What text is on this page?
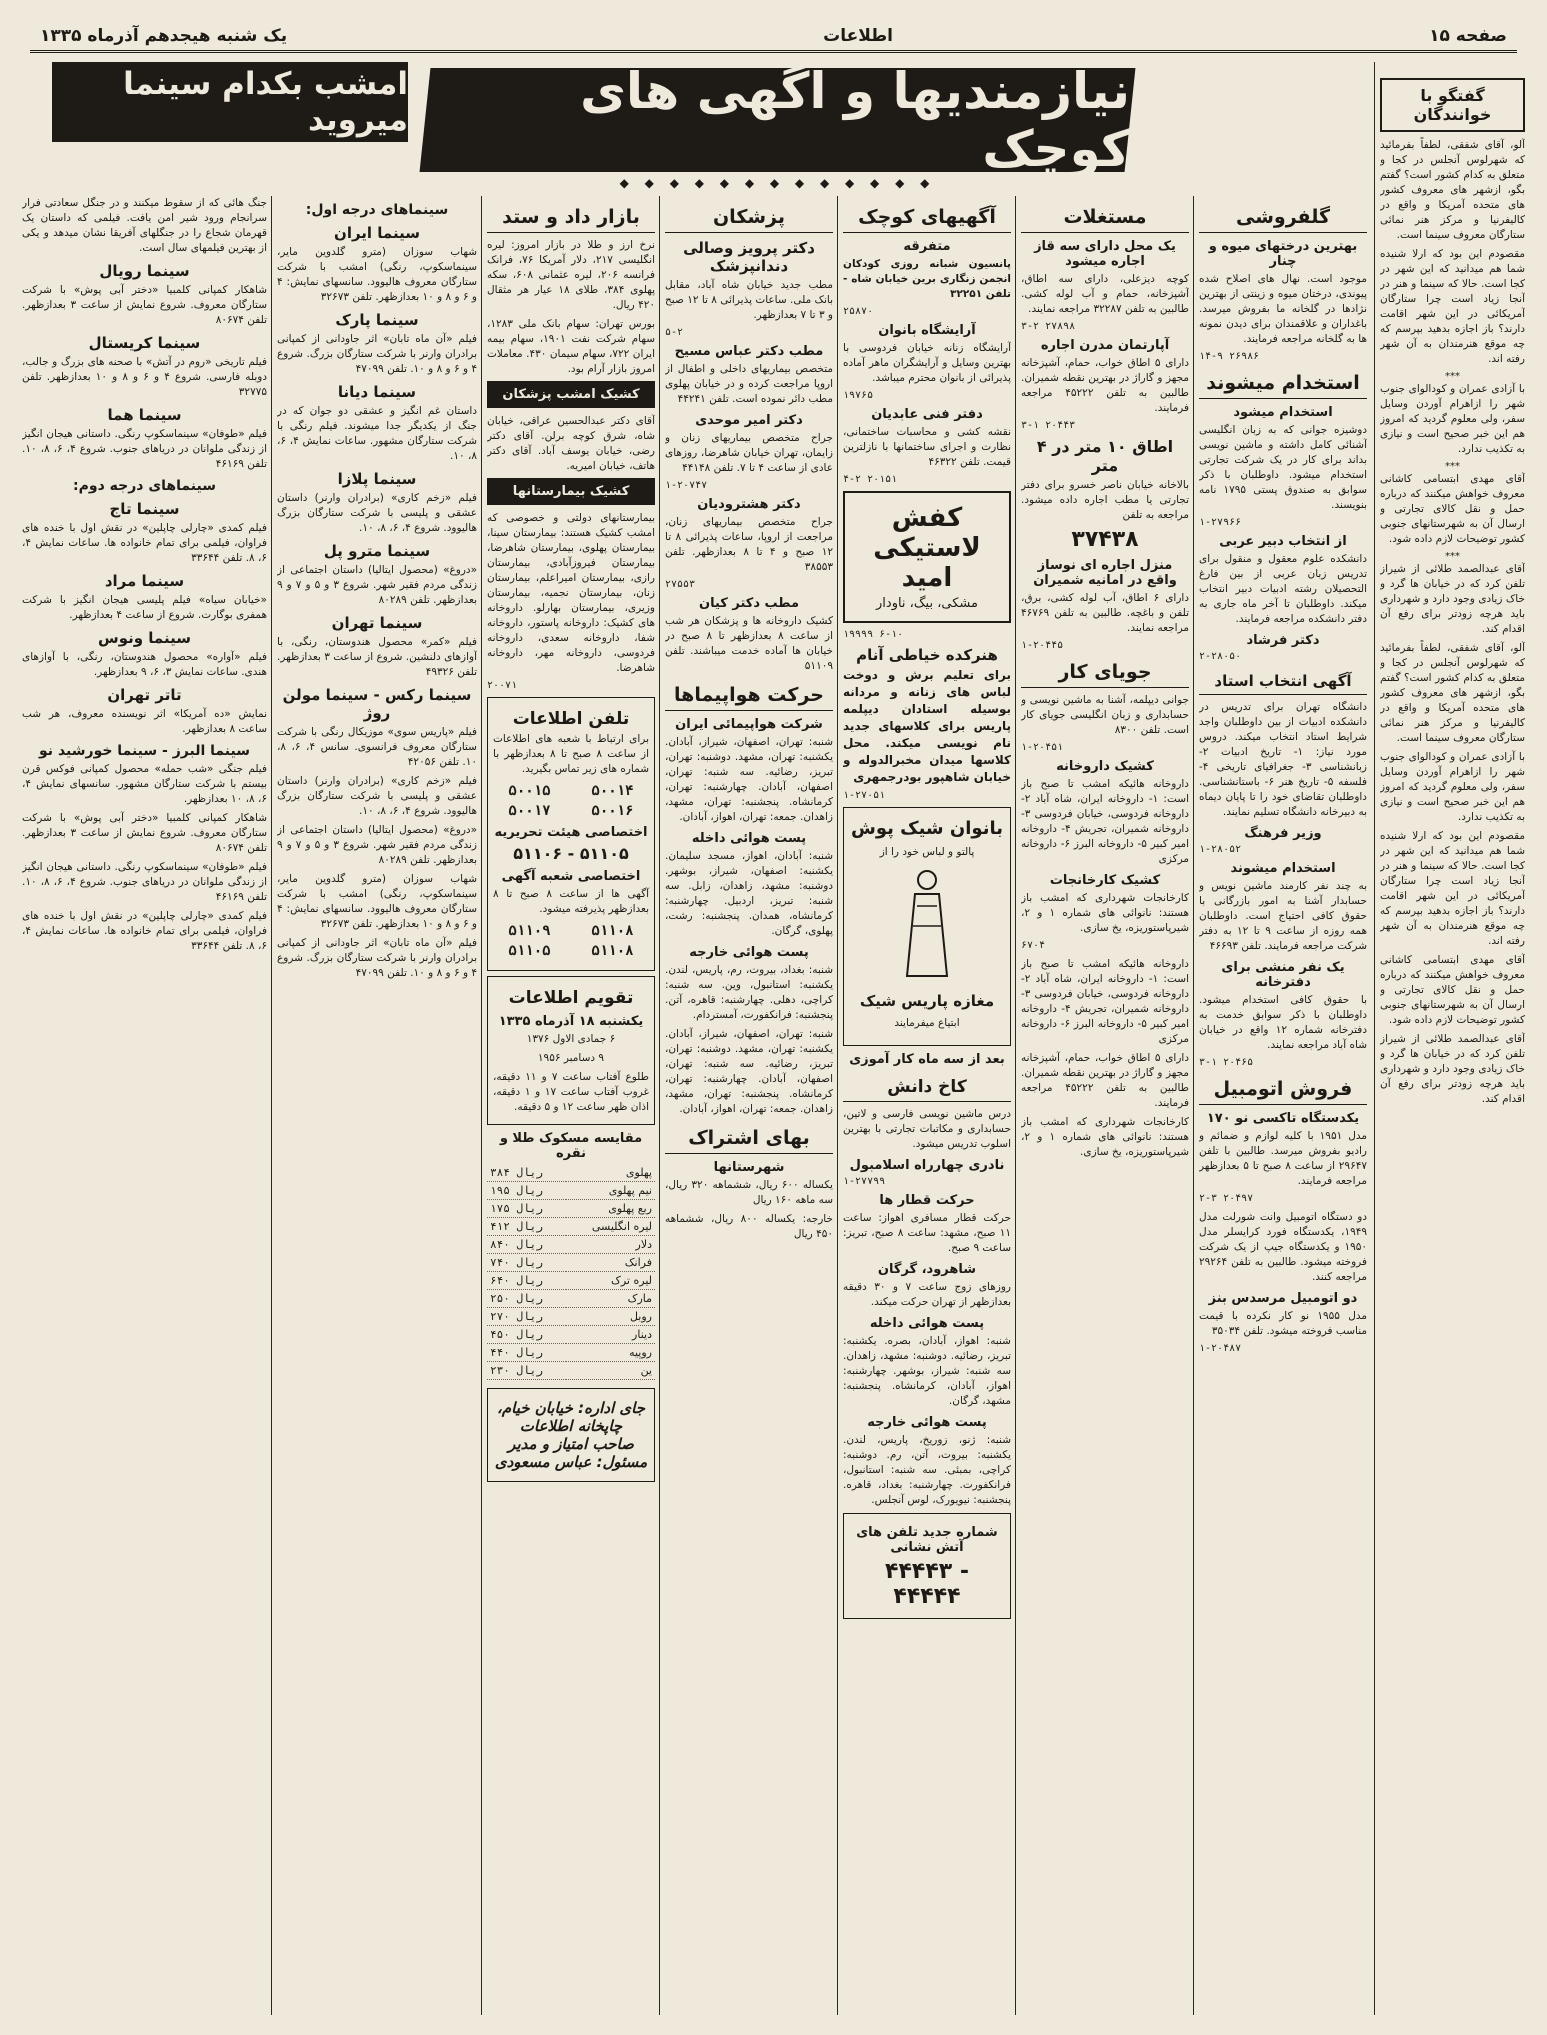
صفحه ۱۵
اطلاعات
یک شنبه هیجدهم آذرماه ۱۳۳۵
نیازمندیها و آگهی های کوچک
◆ ◆ ◆ ◆ ◆ ◆ ◆ ◆ ◆ ◆ ◆ ◆ ◆
امشب بکدام سینما میروید
گفتگو با خوانندگان

آلو، آقای شفقی، لطفاً بفرمائید که شهرلوس آنجلس در کجا و متعلق به کدام کشور است؟ گفتم بگو، ازشهر های معروف کشور های متحده آمریکا و واقع در کالیفرنیا و مرکز هنر نمائی ستارگان معروف سینما است.

مقصودم این بود که ارلا شنیده شما هم میدانید که این شهر در کجا است. حالا که سینما و هنر در آنجا زیاد است چرا ستارگان آمریکائی در این شهر اقامت دارند؟ باز اجازه بدهید بپرسم که چه موقع هنرمندان به آن شهر رفته اند.

***

با آزادی عمران و کودالوای جنوب شهر را ازاهرام آوردن وسایل سفر، ولی معلوم گردید که امروز هم این خبر صحیح است و نیازی به تکذیب ندارد.

***

آقای مهدی ابتسامی کاشانی معروف خواهش میکنند که درباره حمل و نقل کالای تجارتی و ارسال آن به شهرستانهای جنوبی کشور توضیحات لازم داده شود.

***

آقای عبدالصمد طلائی از شیراز تلفن کرد که در خیابان ها گرد و خاک زیادی وجود دارد و شهرداری باید هرچه زودتر برای رفع آن اقدام کند.

آلو، آقای شفقی، لطفاً بفرمائید که شهرلوس آنجلس در کجا و متعلق به کدام کشور است؟ گفتم بگو، ازشهر های معروف کشور های متحده آمریکا و واقع در کالیفرنیا و مرکز هنر نمائی ستارگان معروف سینما است.

با آزادی عمران و کودالوای جنوب شهر را ازاهرام آوردن وسایل سفر، ولی معلوم گردید که امروز هم این خبر صحیح است و نیازی به تکذیب ندارد.

مقصودم این بود که ارلا شنیده شما هم میدانید که این شهر در کجا است. حالا که سینما و هنر در آنجا زیاد است چرا ستارگان آمریکائی در این شهر اقامت دارند؟ باز اجازه بدهید بپرسم که چه موقع هنرمندان به آن شهر رفته اند.

آقای مهدی ابتسامی کاشانی معروف خواهش میکنند که درباره حمل و نقل کالای تجارتی و ارسال آن به شهرستانهای جنوبی کشور توضیحات لازم داده شود.

آقای عبدالصمد طلائی از شیراز تلفن کرد که در خیابان ها گرد و خاک زیادی وجود دارد و شهرداری باید هرچه زودتر برای رفع آن اقدام کند.

گلفروشی
بهترین درختهای میوه و چنار

موجود است. نهال های اصلاح شده پیوندی، درختان میوه و زینتی از بهترین نژادها در گلخانه ما بفروش میرسد. باغداران و علاقمندان برای دیدن نمونه ها به گلخانه مراجعه فرمایند.

۱۴-۹ ۲۶۹۸۶

استخدام میشوند
استخدام میشود

دوشیزه جوانی که به زبان انگلیسی آشنائی کامل داشته و ماشین نویسی بداند برای کار در یک شرکت تجارتی استخدام میشود. داوطلبان با ذکر سوابق به صندوق پستی ۱۷۹۵ نامه بنویسند.

۱-۲۷۹۶۶

از انتخاب دبیر عربی

دانشکده علوم معقول و منقول برای تدریس زبان عربی از بین فارغ التحصیلان رشته ادبیات دبیر انتخاب میکند. داوطلبان تا آخر ماه جاری به دفتر دانشکده مراجعه فرمایند.

دکتر فرشاد

۲-۲۸۰۵۰

آگهی انتخاب استاد

دانشگاه تهران برای تدریس در دانشکده ادبیات از بین داوطلبان واجد شرایط استاد انتخاب میکند. دروس مورد نیاز: ۱- تاریخ ادبیات ۲- زبانشناسی ۳- جغرافیای تاریخی ۴- فلسفه ۵- تاریخ هنر ۶- باستانشناسی. داوطلبان تقاضای خود را تا پایان دیماه به دبیرخانه دانشگاه تسلیم نمایند.

وزیر فرهنگ

۱-۲۸۰۵۲

استخدام میشوند

به چند نفر کارمند ماشین نویس و حسابدار آشنا به امور بازرگانی با حقوق کافی احتیاج است. داوطلبان همه روزه از ساعت ۹ تا ۱۲ به دفتر شرکت مراجعه فرمایند. تلفن ۴۶۶۹۳

یک نفر منشی برای دفترخانه

با حقوق کافی استخدام میشود. داوطلبان با ذکر سوابق خدمت به دفترخانه شماره ۱۲ واقع در خیابان شاه آباد مراجعه نمایند.

۳-۱ ۲۰۴۶۵

فروش اتومبیل
یکدستگاه تاکسی نو ۱۷۰

مدل ۱۹۵۱ با کلیه لوازم و ضمائم و رادیو بفروش میرسد. طالبین با تلفن ۲۹۶۴۷ از ساعت ۸ صبح تا ۵ بعدازظهر مراجعه فرمایند.

۲-۳ ۲۰۴۹۷

دو دستگاه اتومبیل وانت شورلت مدل ۱۹۴۹، یکدستگاه فورد کرایسلر مدل ۱۹۵۰ و یکدستگاه جیپ از یک شرکت فروخته میشود. طالبین به تلفن ۲۹۲۶۴ مراجعه کنند.

دو اتومبیل مرسدس بنز

مدل ۱۹۵۵ نو کار نکرده با قیمت مناسب فروخته میشود. تلفن ۳۵۰۳۴

۱-۲۰۴۸۷

مستغلات
یک محل دارای سه قاز اجاره میشود

کوچه دیزعلی، دارای سه اطاق، آشپزخانه، حمام و آب لوله کشی. طالبین به تلفن ۳۲۲۸۷ مراجعه نمایند.

۳-۲ ۲۷۸۹۸

آپارتمان مدرن اجاره

دارای ۵ اطاق خواب، حمام، آشپزخانه مجهز و گاراژ در بهترین نقطه شمیران. طالبین به تلفن ۴۵۲۲۲ مراجعه فرمایند.

۳-۱ ۲۰۴۴۳

اطاق ۱۰ متر در ۴ متر

بالاخانه خیابان ناصر خسرو برای دفتر تجارتی یا مطب اجاره داده میشود. مراجعه به تلفن

۳۷۴۳۸
منزل اجاره ای نوساز واقع در امانیه شمیران

دارای ۶ اطاق، آب لوله کشی، برق، تلفن و باغچه. طالبین به تلفن ۴۶۷۶۹ مراجعه نمایند.

۱-۲۰۴۴۵

جویای کار

جوانی دیپلمه، آشنا به ماشین نویسی و حسابداری و زبان انگلیسی جویای کار است. تلفن ۸۳۰۰

۱-۲۰۴۵۱

کشیک داروخانه

داروخانه هائیکه امشب تا صبح باز است: ۱- داروخانه ایران، شاه آباد ۲- داروخانه فردوسی، خیابان فردوسی ۳- داروخانه شمیران، تجریش ۴- داروخانه امیر کبیر ۵- داروخانه البرز ۶- داروخانه مرکزی

کشیک کارخانجات

کارخانجات شهرداری که امشب باز هستند: نانوائی های شماره ۱ و ۲، شیرپاستوریزه، یخ سازی.

۶۷۰۴

داروخانه هائیکه امشب تا صبح باز است: ۱- داروخانه ایران، شاه آباد ۲- داروخانه فردوسی، خیابان فردوسی ۳- داروخانه شمیران، تجریش ۴- داروخانه امیر کبیر ۵- داروخانه البرز ۶- داروخانه مرکزی

دارای ۵ اطاق خواب، حمام، آشپزخانه مجهز و گاراژ در بهترین نقطه شمیران. طالبین به تلفن ۴۵۲۲۲ مراجعه فرمایند.

کارخانجات شهرداری که امشب باز هستند: نانوائی های شماره ۱ و ۲، شیرپاستوریزه، یخ سازی.

آگهیهای کوچک
متفرقه

پانسیون شبانه روزی کودکان انجمن زنگاری برین خیابان شاه - تلفن ۳۲۲۵۱

۲۵۸۷۰

آرایشگاه بانوان

آرایشگاه زنانه خیابان فردوسی با بهترین وسایل و آرایشگران ماهر آماده پذیرائی از بانوان محترم میباشد.

۱۹۷۶۵

دفتر فنی عابدیان

نقشه کشی و محاسبات ساختمانی، نظارت و اجرای ساختمانها با نازلترین قیمت. تلفن ۴۶۳۲۲

۴-۲ ۲۰۱۵۱

کفش لاستیکی امید
مشکی، بیگ، ناودار

۱۹۹۹۹ ۶-۱۰

هنرکده خیاطی آنام

برای تعلیم برش و دوخت لباس های زنانه و مردانه بوسیله استادان دیپلمه پاریس برای کلاسهای جدید نام نویسی میکند. محل کلاسها میدان مخبرالدوله و خیابان شاهپور بودرجمهری

۱-۲۷۰۵۱

بانوان شیک پوش
پالتو و لباس خود را از
مغازه پاریس شیک
ابتیاع میفرمایند
بعد از سه ماه کار آموزی
کاخ دانش

درس ماشین نویسی فارسی و لاتین، حسابداری و مکاتبات تجارتی با بهترین اسلوب تدریس میشود.

نادری چهارراه اسلامبول

۱-۲۷۷۹۹

حرکت قطار ها

حرکت قطار مسافری اهواز: ساعت ۱۱ صبح، مشهد: ساعت ۸ صبح، تبریز: ساعت ۹ صبح.

شاهرود، گرگان

روزهای زوج ساعت ۷ و ۳۰ دقیقه بعدازظهر از تهران حرکت میکند.

پست هوائی داخله

شنبه: اهواز، آبادان، بصره. یکشنبه: تبریز، رضائیه. دوشنبه: مشهد، زاهدان. سه شنبه: شیراز، بوشهر. چهارشنبه: اهواز، آبادان، کرمانشاه. پنجشنبه: مشهد، گرگان.

پست هوائی خارجه

شنبه: ژنو، زوریخ، پاریس، لندن. یکشنبه: بیروت، آتن، رم. دوشنبه: کراچی، بمبئی. سه شنبه: استانبول، فرانکفورت. چهارشنبه: بغداد، قاهره. پنجشنبه: نیویورک، لوس آنجلس.

شماره جدید تلفن های آتش نشانی
۴۴۴۴۳ - ۴۴۴۴۴
پزشکان
دکتر پرویز وصالی دندانپزشک

مطب جدید خیابان شاه آباد، مقابل بانک ملی. ساعات پذیرائی ۸ تا ۱۲ صبح و ۳ تا ۷ بعدازظهر.

۵-۲

مطب دکتر عباس مسیح

متخصص بیماریهای داخلی و اطفال از اروپا مراجعت کرده و در خیابان پهلوی مطب دائر نموده است. تلفن ۴۴۲۴۱

دکتر امیر موحدی

جراح متخصص بیماریهای زنان و زایمان، تهران خیابان شاهرضا، روزهای عادی از ساعت ۴ تا ۷. تلفن ۴۴۱۴۸

۱-۲۰۷۴۷

دکتر هشترودیان

جراح متخصص بیماریهای زنان، مراجعت از اروپا، ساعات پذیرائی ۸ تا ۱۲ صبح و ۴ تا ۸ بعدازظهر. تلفن ۳۸۵۵۳

۲۷۵۵۳

مطب دکتر کیان

کشیک داروخانه ها و پزشکان هر شب از ساعت ۸ بعدازظهر تا ۸ صبح در خیابان ها آماده خدمت میباشند. تلفن ۵۱۱۰۹

حرکت هواپیماها
شرکت هواپیمائی ایران

شنبه: تهران، اصفهان، شیراز، آبادان. یکشنبه: تهران، مشهد. دوشنبه: تهران، تبریز، رضائیه. سه شنبه: تهران، اصفهان، آبادان. چهارشنبه: تهران، کرمانشاه. پنجشنبه: تهران، مشهد، زاهدان. جمعه: تهران، اهواز، آبادان.

پست هوائی داخله

شنبه: آبادان، اهواز، مسجد سلیمان. یکشنبه: اصفهان، شیراز، بوشهر. دوشنبه: مشهد، زاهدان، زابل. سه شنبه: تبریز، اردبیل. چهارشنبه: کرمانشاه، همدان. پنجشنبه: رشت، پهلوی، گرگان.

پست هوائی خارجه

شنبه: بغداد، بیروت، رم، پاریس، لندن. یکشنبه: استانبول، وین. سه شنبه: کراچی، دهلی. چهارشنبه: قاهره، آتن. پنجشنبه: فرانکفورت، آمستردام.

شنبه: تهران، اصفهان، شیراز، آبادان. یکشنبه: تهران، مشهد. دوشنبه: تهران، تبریز، رضائیه. سه شنبه: تهران، اصفهان، آبادان. چهارشنبه: تهران، کرمانشاه. پنجشنبه: تهران، مشهد، زاهدان. جمعه: تهران، اهواز، آبادان.

بهای اشتراک
شهرستانها

یکساله ۶۰۰ ریال، ششماهه ۳۲۰ ریال، سه ماهه ۱۶۰ ریال

خارجه: یکساله ۸۰۰ ریال، ششماهه ۴۵۰ ریال

بازار داد و ستد

نرخ ارز و طلا در بازار امروز: لیره انگلیسی ۲۱۷، دلار آمریکا ۷۶، فرانک فرانسه ۲۰۶، لیره عثمانی ۶۰۸، سکه پهلوی ۳۸۴، طلای ۱۸ عیار هر مثقال ۴۲۰ ریال.

بورس تهران: سهام بانک ملی ۱۲۸۳، سهام شرکت نفت ۱۹۰۱، سهام بیمه ایران ۷۲۲، سهام سیمان ۴۳۰. معاملات امروز بازار آرام بود.

کشیک امشب پزشکان

آقای دکتر عبدالحسین عراقی، خیابان شاه، شرق کوچه برلن. آقای دکتر رضی، خیابان یوسف آباد. آقای دکتر هاتف، خیابان امیریه.

کشیک بیمارستانها

بیمارستانهای دولتی و خصوصی که امشب کشیک هستند: بیمارستان سینا، بیمارستان پهلوی، بیمارستان شاهرضا، بیمارستان فیروزآبادی، بیمارستان رازی، بیمارستان امیراعلم، بیمارستان زنان، بیمارستان نجمیه، بیمارستان وزیری، بیمارستان بهارلو. داروخانه های کشیک: داروخانه پاستور، داروخانه شفا، داروخانه سعدی، داروخانه فردوسی، داروخانه مهر، داروخانه شاهرضا.

۲۰۰۷۱

تلفن اطلاعات

برای ارتباط با شعبه های اطلاعات از ساعت ۸ صبح تا ۸ بعدازظهر با شماره های زیر تماس بگیرید.

۵۰۰۱۵	۵۰۰۱۴
۵۰۰۱۷	۵۰۰۱۶
اختصاصی هیئت تحریریه
۵۱۱۰۶ - ۵۱۱۰۵
اختصاصی شعبه آگهی

آگهی ها از ساعت ۸ صبح تا ۸ بعدازظهر پذیرفته میشود.

۵۱۱۰۹	۵۱۱۰۸
۵۱۱۰۵	۵۱۱۰۸
تقویم اطلاعات
یکشنبه ۱۸ آذرماه ۱۳۳۵
۶ جمادی الاول ۱۳۷۶
۹ دسامبر ۱۹۵۶

طلوع آفتاب ساعت ۷ و ۱۱ دقیقه، غروب آفتاب ساعت ۱۷ و ۱ دقیقه، اذان ظهر ساعت ۱۲ و ۵ دقیقه.

مقایسه مسکوک طلا و نقره
پهلوی	۳۸۴ ریال
نیم پهلوی	۱۹۵ ریال
ربع پهلوی	۱۷۵ ریال
لیره انگلیسی	۴۱۲ ریال
دلار	۸۴۰ ریال
فرانک	۷۴۰ ریال
لیره ترک	۶۴۰ ریال
مارک	۲۵۰ ریال
روبل	۲۷۰ ریال
دینار	۴۵۰ ریال
روپیه	۴۴۰ ریال
ین	۲۳۰ ریال
جای اداره: خیابان خیام، چاپخانه اطلاعات
صاحب امتیاز و مدیر مسئول: عباس مسعودی
سینماهای درجه اول:
سینما ایران

شهاب سوزان (مترو گلدوین مایر، سینماسکوپ، رنگی) امشب با شرکت ستارگان معروف هالیوود. سانسهای نمایش: ۴ و ۶ و ۸ و ۱۰ بعدازظهر. تلفن ۳۲۶۷۳

سینما پارک

فیلم «آن ماه تابان» اثر جاودانی از کمپانی برادران وارنر با شرکت ستارگان بزرگ. شروع ۴ و ۶ و ۸ و ۱۰. تلفن ۴۷۰۹۹

سینما دیانا

داستان غم انگیز و عشقی دو جوان که در جنگ از یکدیگر جدا میشوند. فیلم رنگی با شرکت ستارگان مشهور. ساعات نمایش ۴، ۶، ۸، ۱۰.

سینما پلازا

فیلم «زخم کاری» (برادران وارنر) داستان عشقی و پلیسی با شرکت ستارگان بزرگ هالیوود. شروع ۴، ۶، ۸، ۱۰.

سینما مترو پل

«دروغ» (محصول ایتالیا) داستان اجتماعی از زندگی مردم فقیر شهر. شروع ۳ و ۵ و ۷ و ۹ بعدازظهر. تلفن ۸۰۲۸۹

سینما تهران

فیلم «کمر» محصول هندوستان، رنگی، با آوازهای دلنشین. شروع از ساعت ۳ بعدازظهر. تلفن ۴۹۳۲۶

سینما رکس - سینما مولن روژ

فیلم «پاریس سوی» موزیکال رنگی با شرکت ستارگان معروف فرانسوی. سانس ۴، ۶، ۸، ۱۰. تلفن ۴۲۰۵۶

فیلم «زخم کاری» (برادران وارنر) داستان عشقی و پلیسی با شرکت ستارگان بزرگ هالیوود. شروع ۴، ۶، ۸، ۱۰.

«دروغ» (محصول ایتالیا) داستان اجتماعی از زندگی مردم فقیر شهر. شروع ۳ و ۵ و ۷ و ۹ بعدازظهر. تلفن ۸۰۲۸۹

شهاب سوزان (مترو گلدوین مایر، سینماسکوپ، رنگی) امشب با شرکت ستارگان معروف هالیوود. سانسهای نمایش: ۴ و ۶ و ۸ و ۱۰ بعدازظهر. تلفن ۳۲۶۷۳

فیلم «آن ماه تابان» اثر جاودانی از کمپانی برادران وارنر با شرکت ستارگان بزرگ. شروع ۴ و ۶ و ۸ و ۱۰. تلفن ۴۷۰۹۹

جنگ هائی که از سقوط میکنند و در جنگل سعادتی فرار سرانجام ورود شیر امن یافت. فیلمی که داستان یک قهرمان شجاع را در جنگلهای آفریقا نشان میدهد و یکی از بهترین فیلمهای سال است.

سینما رویال

شاهکار کمپانی کلمبیا «دختر آبی پوش» با شرکت ستارگان معروف. شروع نمایش از ساعت ۳ بعدازظهر. تلفن ۸۰۶۷۴

سینما کریستال

فیلم تاریخی «روم در آتش» با صحنه های بزرگ و جالب، دوبله فارسی. شروع ۴ و ۶ و ۸ و ۱۰ بعدازظهر. تلفن ۳۲۷۷۵

سینما هما

فیلم «طوفان» سینماسکوپ رنگی. داستانی هیجان انگیز از زندگی ملوانان در دریاهای جنوب. شروع ۴، ۶، ۸، ۱۰. تلفن ۴۶۱۶۹

سینماهای درجه دوم:
سینما تاج

فیلم کمدی «چارلی چاپلین» در نقش اول با خنده های فراوان، فیلمی برای تمام خانواده ها. ساعات نمایش ۴، ۶، ۸. تلفن ۳۳۶۴۴

سینما مراد

«خیابان سیاه» فیلم پلیسی هیجان انگیز با شرکت همفری بوگارت. شروع از ساعت ۴ بعدازظهر.

سینما ونوس

فیلم «آواره» محصول هندوستان، رنگی، با آوازهای هندی. ساعات نمایش ۳، ۶، ۹ بعدازظهر.

تاتر تهران

نمایش «ده آمریکا» اثر نویسنده معروف، هر شب ساعت ۸ بعدازظهر.

سینما البرز - سینما خورشید نو

فیلم جنگی «شب حمله» محصول کمپانی فوکس قرن بیستم با شرکت ستارگان مشهور. سانسهای نمایش ۴، ۶، ۸، ۱۰ بعدازظهر.

شاهکار کمپانی کلمبیا «دختر آبی پوش» با شرکت ستارگان معروف. شروع نمایش از ساعت ۳ بعدازظهر. تلفن ۸۰۶۷۴

فیلم «طوفان» سینماسکوپ رنگی. داستانی هیجان انگیز از زندگی ملوانان در دریاهای جنوب. شروع ۴، ۶، ۸، ۱۰. تلفن ۴۶۱۶۹

فیلم کمدی «چارلی چاپلین» در نقش اول با خنده های فراوان، فیلمی برای تمام خانواده ها. ساعات نمایش ۴، ۶، ۸. تلفن ۳۳۶۴۴
